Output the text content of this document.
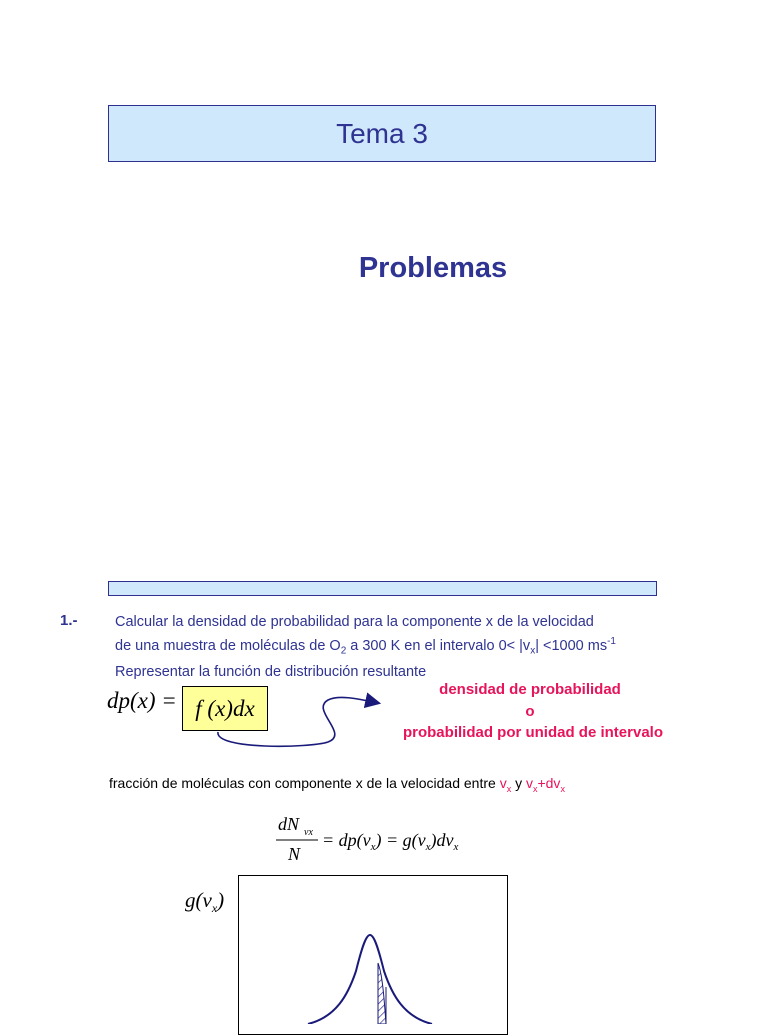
Tema 3
Problemas
1.-	Calcular la densidad de probabilidad para la componente x de la velocidad
de una muestra de moléculas de $O_2$ a 300 K en el intervalo $0< |v_x| <1000$ $ms^{-1}$
Representar la función de distribución resultante
dp(x) = f (x)dx
densidad de probabilidad
o
probabilidad por unidad de intervalo
fracción de moléculas con componente x de la velocidad entre $v_x$ y $v_x+dv_x$
dN vx
N
= $dp(v_x) = g(v_x)dv_x$
$g(v_x)$
